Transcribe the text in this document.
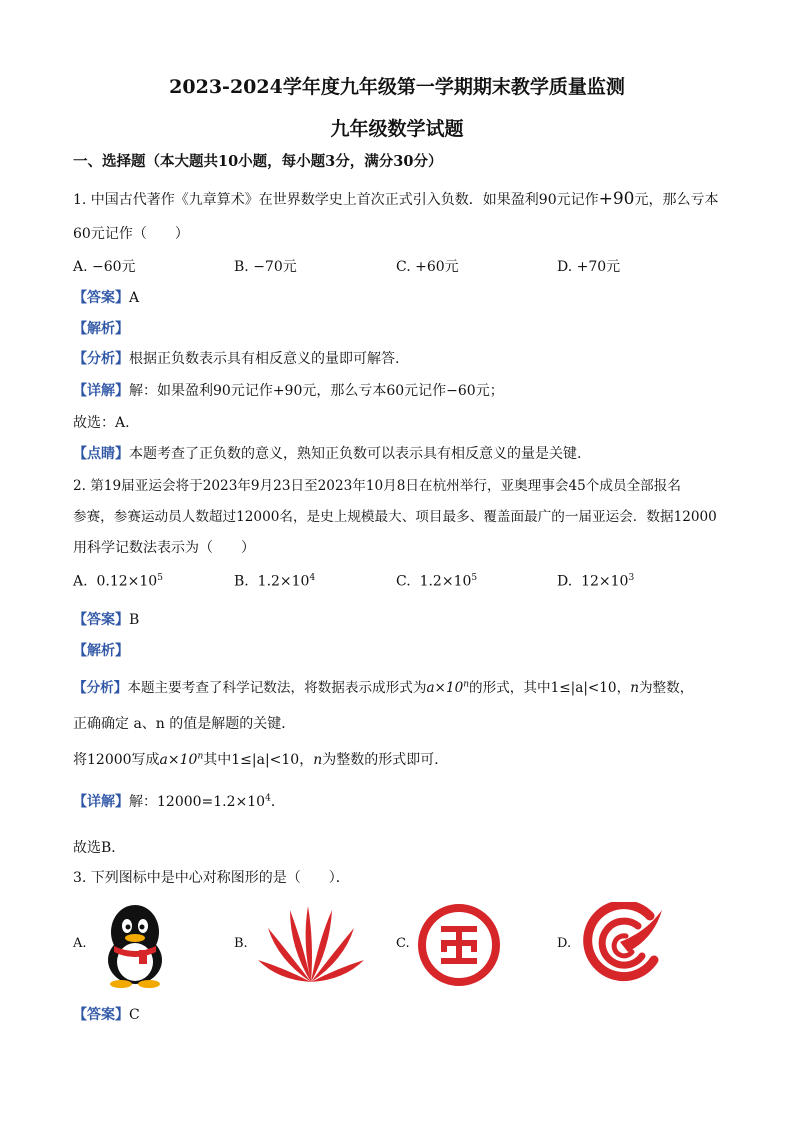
2023-2024学年度九年级第一学期期末教学质量监测
九年级数学试题
一、选择题（本大题共10小题，每小题3分，满分30分）
1. 中国古代著作《九章算术》在世界数学史上首次正式引入负数．如果盈利90元记作+90元，那么亏本
60元记作（　　）
A. −60元	B. −70元	C. +60元	D. +70元
【答案】A
【解析】
【分析】根据正负数表示具有相反意义的量即可解答.
【详解】解：如果盈利90元记作+90元，那么亏本60元记作−60元；
故选：A.
【点睛】本题考查了正负数的意义，熟知正负数可以表示具有相反意义的量是关键.
2. 第19届亚运会将于2023年9月23日至2023年10月8日在杭州举行，亚奥理事会45个成员全部报名
参赛，参赛运动员人数超过12000名，是史上规模最大、项目最多、覆盖面最广的一届亚运会．数据12000
用科学记数法表示为（　　）
A. $0.12\times 10^5$	B. $1.2\times 10^4$	C. $1.2\times 10^5$	D. $12\times 10^3$
【答案】B
【解析】
【分析】本题主要考查了科学记数法，将数据表示成形式为$a\times 10^n$的形式，其中1≤|a|<10，n为整数，
正确确定 a、n 的值是解题的关键．
将12000写成$a\times 10^n$其中1≤|a|<10，n为整数的形式即可．
【详解】解：$12000=1.2\times 10^4$．
故选B．
3. 下列图标中是中心对称图形的是（　　）．
A.	B.	C.	D.
【答案】C
